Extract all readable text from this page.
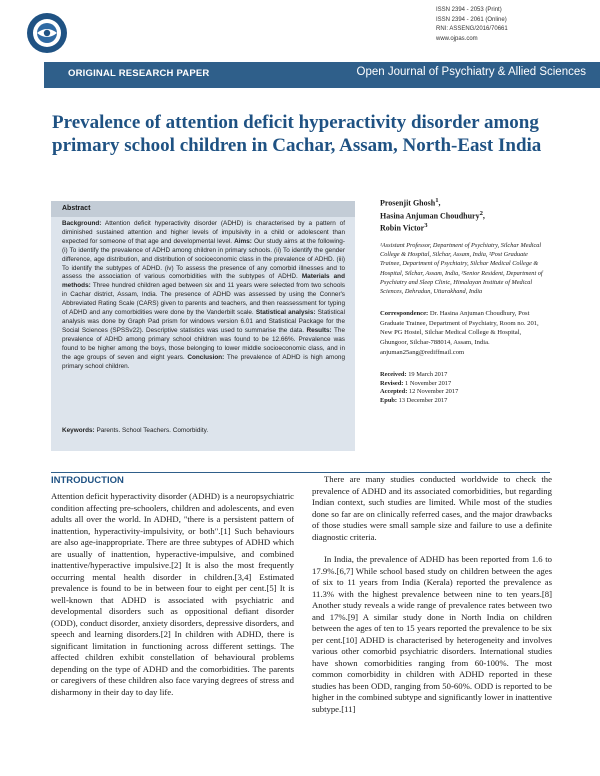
ISSN 2394 - 2053 (Print)
ISSN 2394 - 2061 (Online)
RNI: ASSENG/2016/70661
www.ojpas.com
ORIGINAL RESEARCH PAPER	Open Journal of Psychiatry & Allied Sciences
Prevalence of attention deficit hyperactivity disorder among primary school children in Cachar, Assam, North-East India
Abstract
Background: Attention deficit hyperactivity disorder (ADHD) is characterised by a pattern of diminished sustained attention and higher levels of impulsivity in a child or adolescent than expected for someone of that age and developmental level. Aims: Our study aims at the following- (i) To identify the prevalence of ADHD among children in primary schools. (ii) To identify the gender difference, age distribution, and distribution of socioeconomic class in the prevalence of ADHD. (iii) To identify the subtypes of ADHD. (iv) To assess the presence of any comorbid illnesses and to assess the association of various comorbidities with the subtypes of ADHD. Materials and methods: Three hundred children aged between six and 11 years were selected from two schools in Cachar district, Assam, India. The presence of ADHD was assessed by using the Conner's Abbreviated Rating Scale (CARS) given to parents and teachers, and then reassessment for typing of ADHD and any comorbidities were done by the Vanderbilt scale. Statistical analysis: Statistical analysis was done by Graph Pad prism for windows version 6.01 and Statistical Package for the Social Sciences (SPSSv22). Descriptive statistics was used to summarise the data. Results: The prevalence of ADHD among primary school children was found to be 12.66%. Prevalence was found to be higher among the boys, those belonging to lower middle socioeconomic class, and in the age groups of seven and eight years. Conclusion: The prevalence of ADHD is high among primary school children.
Keywords: Parents. School Teachers. Comorbidity.
Prosenjit Ghosh$^1$,
Hasina Anjuman Choudhury$^2$,
Robin Victor$^3$
¹Assistant Professor, Department of Psychiatry, Silchar Medical College & Hospital, Silchar, Assam, India, ²Post Graduate Trainee, Department of Psychiatry, Silchar Medical College & Hospital, Silchar, Assam, India, ³Senior Resident, Department of Psychiatry and Sleep Clinic, Himalayan Institute of Medical Sciences, Dehradun, Uttarakhand, India
Correspondence: Dr. Hasina Anjuman Choudhury, Post Graduate Trainee, Department of Psychiatry, Room no. 201, New PG Hostel, Silchar Medical College & Hospital, Ghungoor, Silchar-788014, Assam, India. anjuman25ang@rediffmail.com
Received: 19 March 2017
Revised: 1 November 2017
Accepted: 12 November 2017
Epub: 13 December 2017
INTRODUCTION

Attention deficit hyperactivity disorder (ADHD) is a neuropsychiatric condition affecting pre-schoolers, children and adolescents, and even adults all over the world. In ADHD, "there is a persistent pattern of inattention, hyperactivity-impulsivity, or both".[1] Such behaviours are also age-inappropriate. There are three subtypes of ADHD which are usually of inattention, hyperactive-impulsive, and combined inattentive/hyperactive impulsive.[2] It is also the most frequently occurring mental health disorder in children.[3,4] Estimated prevalence is found to be in between four to eight per cent.[5] It is well-known that ADHD is associated with psychiatric and developmental disorders such as oppositional defiant disorder (ODD), conduct disorder, anxiety disorders, depressive disorders, and speech and learning disorders.[2] In children with ADHD, there is significant limitation in functioning across different settings. The affected children exhibit constellation of behavioural problems depending on the type of ADHD and the comorbidities. The parents or caregivers of these children also face varying degrees of stress and disharmony in their day to day life.

There are many studies conducted worldwide to check the prevalence of ADHD and its associated comorbidities, but regarding Indian context, such studies are limited. While most of the studies done so far are on clinically referred cases, and the major drawbacks of those studies were small sample size and failure to use a definite diagnostic criteria.

In India, the prevalence of ADHD has been reported from 1.6 to 17.9%.[6,7] While school based study on children between the ages of six to 11 years from India (Kerala) reported the prevalence as 11.3% with the highest prevalence between nine to ten years.[8] Another study reveals a wide range of prevalence rates between two and 17%.[9] A similar study done in North India on children between the ages of ten to 15 years reported the prevalence to be six per cent.[10] ADHD is characterised by heterogeneity and involves various other comorbid psychiatric disorders. International studies have shown comorbidities ranging from 60-100%. The most common comorbidity in children with ADHD reported in these studies has been ODD, ranging from 50-60%. ODD is reported to be higher in the combined subtype and significantly lower in inattentive subtype.[11]
